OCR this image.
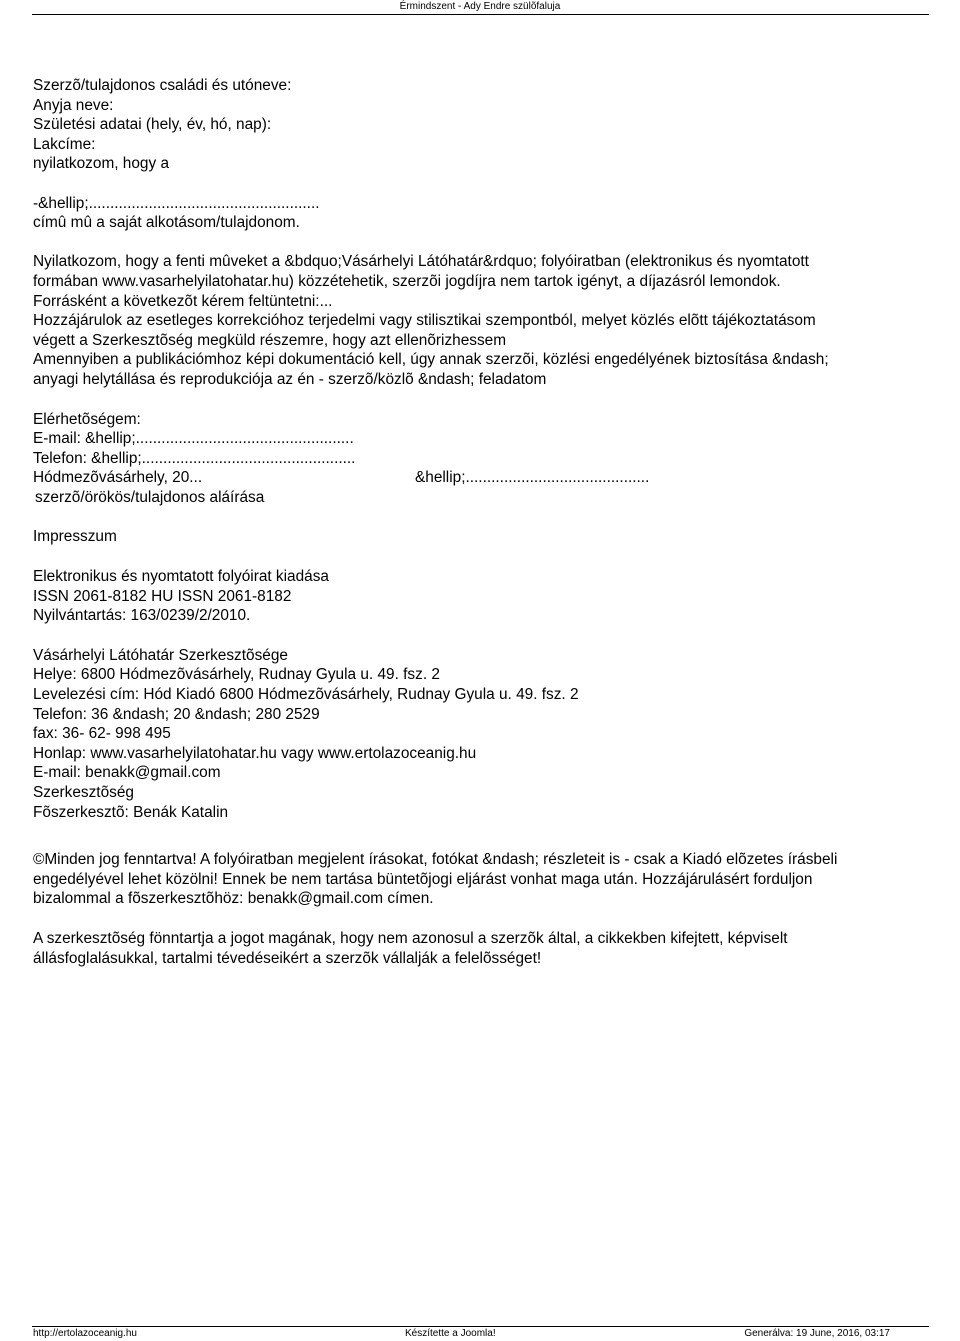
Érmindszent - Ady Endre szülõfaluja

Szerzõ/tulajdonos családi és utóneve:

Anyja neve:

Születési adatai (hely, év, hó, nap):

Lakcíme:

nyilatkozom, hogy a

-&hellip;......................................................

címû mû a saját alkotásom/tulajdonom.

Nyilatkozom, hogy a fenti mûveket a &bdquo;Vásárhelyi Látóhatár&rdquo; folyóiratban (elektronikus és nyomtatott

formában www.vasarhelyilatohatar.hu) közzétehetik, szerzõi jogdíjra nem tartok igényt, a díjazásról lemondok.

Forrásként a következõt kérem feltüntetni:...

Hozzájárulok az esetleges korrekcióhoz terjedelmi vagy stilisztikai szempontból, melyet közlés elõtt tájékoztatásom

végett a Szerkesztõség megküld részemre, hogy azt ellenõrizhessem

Amennyiben a publikációmhoz képi dokumentáció kell, úgy annak szerzõi, közlési engedélyének biztosítása &ndash;

anyagi helytállása és reprodukciója az én - szerzõ/közlõ &ndash; feladatom

Elérhetõségem:

E-mail: &hellip;...................................................

Telefon: &hellip;..................................................

Hódmezõvásárhely, 20...	&hellip;...........................................

szerzõ/örökös/tulajdonos aláírása

Impresszum

Elektronikus és nyomtatott folyóirat kiadása

ISSN 2061-8182 HU ISSN 2061-8182

Nyilvántartás: 163/0239/2/2010.

Vásárhelyi Látóhatár Szerkesztõsége

Helye: 6800 Hódmezõvásárhely, Rudnay Gyula u. 49. fsz. 2

Levelezési cím: Hód Kiadó 6800 Hódmezõvásárhely, Rudnay Gyula u. 49. fsz. 2

Telefon: 36 &ndash; 20 &ndash; 280 2529

fax: 36- 62- 998 495

Honlap: www.vasarhelyilatohatar.hu vagy www.ertolazoceanig.hu

E-mail: benakk@gmail.com

Szerkesztõség

Fõszerkesztõ: Benák Katalin

©Minden jog fenntartva! A folyóiratban megjelent írásokat, fotókat &ndash; részleteit is - csak a Kiadó elõzetes írásbeli

engedélyével lehet közölni! Ennek be nem tartása büntetõjogi eljárást vonhat maga után. Hozzájárulásért forduljon

bizalommal a fõszerkesztõhöz: benakk@gmail.com címen.

A szerkesztõség fönntartja a jogot magának, hogy nem azonosul a szerzõk által, a cikkekben kifejtett, képviselt

állásfoglalásukkal, tartalmi tévedéseikért a szerzõk vállalják a felelõsséget!

http://ertolazoceanig.hu	Készítette a Joomla!	Generálva: 19 June, 2016, 03:17
